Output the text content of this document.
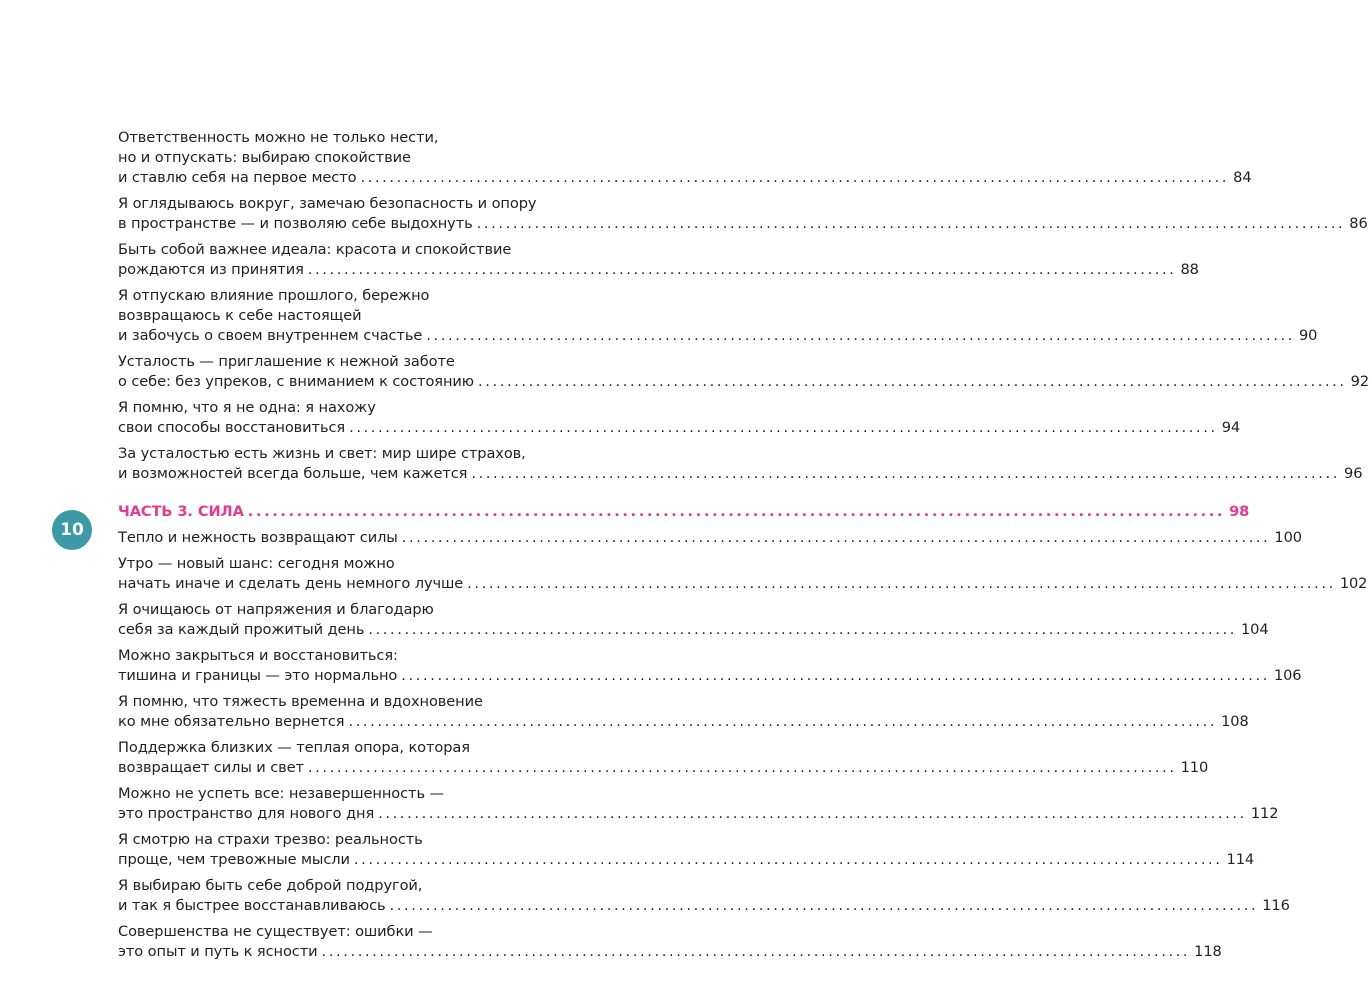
Ответственность можно не только нести,
но и отпускать: выбираю спокойствие
и ставлю себя на первое место ........................................................................................................................ 84
Я оглядываюсь вокруг, замечаю безопасность и опору
в пространстве — и позволяю себе выдохнуть ........................................................................................................................ 86
Быть собой важнее идеала: красота и спокойствие
рождаются из принятия ........................................................................................................................ 88
Я отпускаю влияние прошлого, бережно
возвращаюсь к себе настоящей
и забочусь о своем внутреннем счастье ........................................................................................................................ 90
Усталость — приглашение к нежной заботе
о себе: без упреков, с вниманием к состоянию ........................................................................................................................ 92
Я помню, что я не одна: я нахожу
свои способы восстановиться ........................................................................................................................ 94
За усталостью есть жизнь и свет: мир шире страхов,
и возможностей всегда больше, чем кажется ........................................................................................................................ 96
ЧАСТЬ 3. СИЛА ........................................................................................................................ 98
Тепло и нежность возвращают силы ........................................................................................................................ 100
Утро — новый шанс: сегодня можно
начать иначе и сделать день немного лучше ........................................................................................................................ 102
Я очищаюсь от напряжения и благодарю
себя за каждый прожитый день ........................................................................................................................ 104
Можно закрыться и восстановиться:
тишина и границы — это нормально ........................................................................................................................ 106
Я помню, что тяжесть временна и вдохновение
ко мне обязательно вернется ........................................................................................................................ 108
Поддержка близких — теплая опора, которая
возвращает силы и свет ........................................................................................................................ 110
Можно не успеть все: незавершенность —
это пространство для нового дня ........................................................................................................................ 112
Я смотрю на страхи трезво: реальность
проще, чем тревожные мысли ........................................................................................................................ 114
Я выбираю быть себе доброй подругой,
и так я быстрее восстанавливаюсь ........................................................................................................................ 116
Совершенства не существует: ошибки —
это опыт и путь к ясности ........................................................................................................................ 118
10
